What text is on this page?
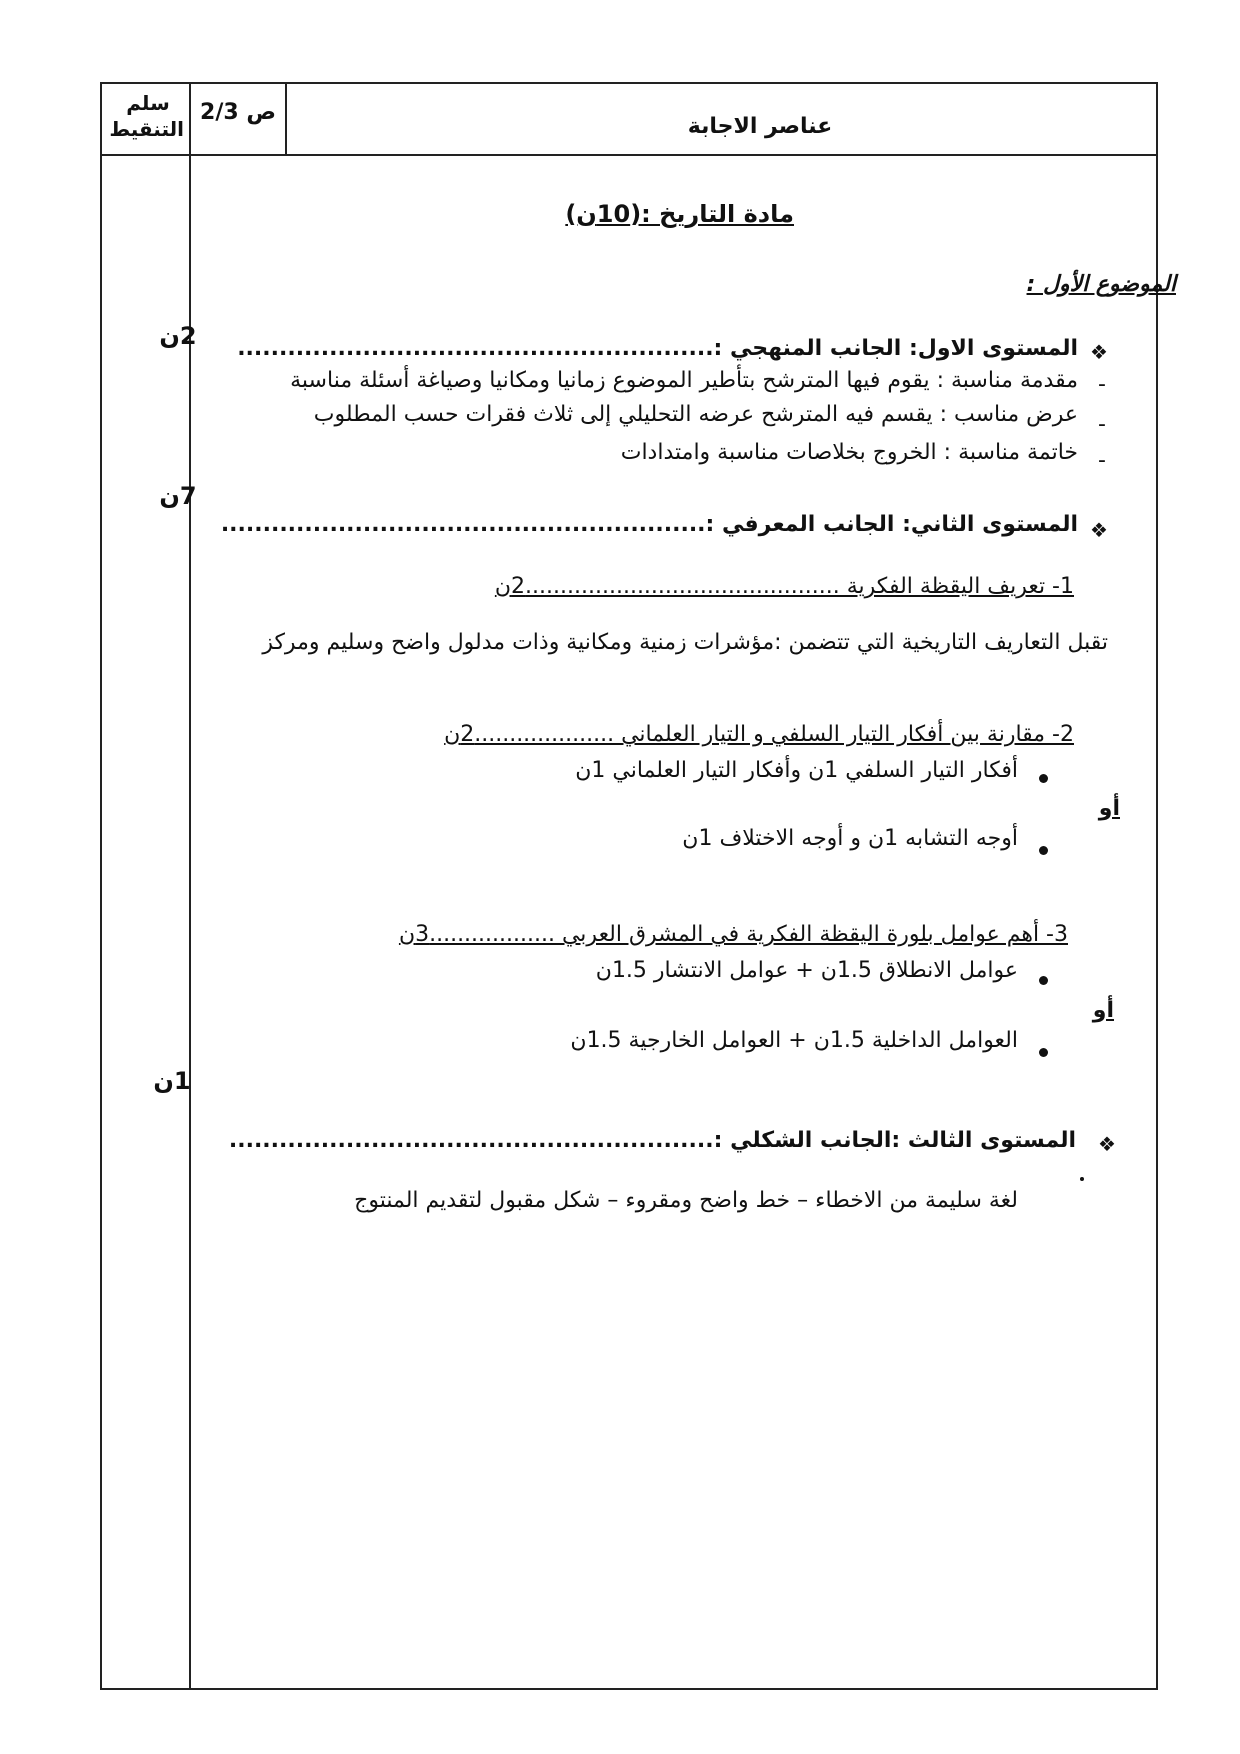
سلم التنقيط
ص 2/3
عناصر الاجابة
مادة التاريخ :(10ن)
الموضوع الأول :
2ن
7ن
1ن
❖
المستوى الاول: الجانب المنهجي :.........................................................
-
مقدمة مناسبة : يقوم فيها المترشح بتأطير الموضوع زمانيا ومكانيا وصياغة أسئلة مناسبة
-
عرض مناسب : يقسم فيه المترشح عرضه التحليلي إلى ثلاث فقرات حسب المطلوب
-
خاتمة مناسبة : الخروج بخلاصات مناسبة وامتدادات
❖
المستوى الثاني: الجانب المعرفي :..........................................................
1- تعريف اليقظة الفكرية .............................................2ن
تقبل التعاريف التاريخية التي تتضمن :مؤشرات زمنية ومكانية وذات مدلول واضح وسليم ومركز
2- مقارنة بين أفكار التيار السلفي و التيار العلماني ....................2ن
أفكار التيار السلفي 1ن وأفكار التيار العلماني 1ن
أو
أوجه التشابه 1ن و أوجه الاختلاف 1ن
3- أهم عوامل بلورة اليقظة الفكرية في المشرق العربي ..................3ن
عوامل الانطلاق 1.5ن + عوامل الانتشار 1.5ن
أو
العوامل الداخلية 1.5ن + العوامل الخارجية 1.5ن
❖
المستوى الثالث :الجانب الشكلي :..........................................................
لغة سليمة من الاخطاء – خط واضح ومقروء – شكل مقبول لتقديم المنتوج
